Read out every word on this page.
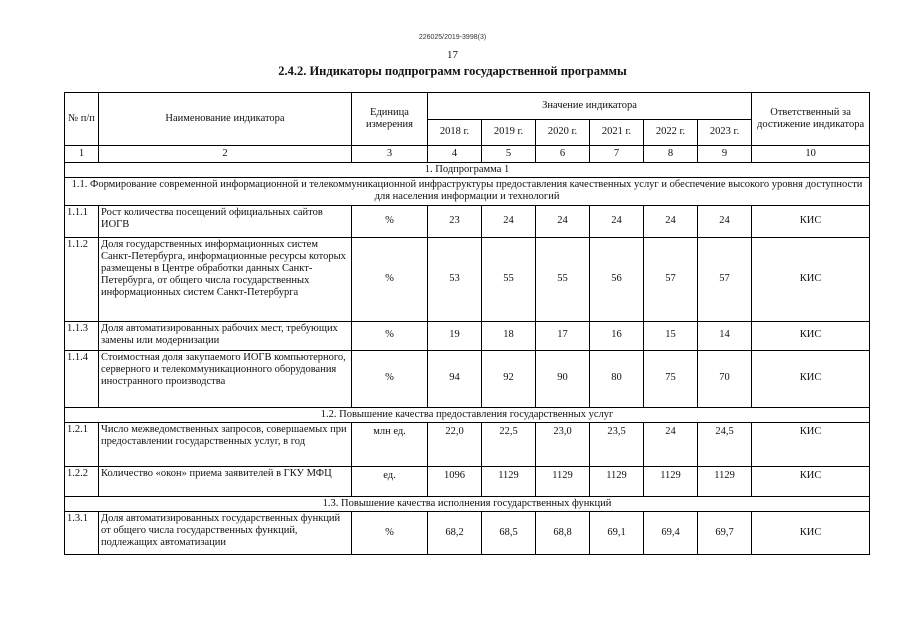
226025/2019-3998(3)
17
2.4.2. Индикаторы подпрограмм государственной программы
№ п/п	Наименование индикатора	Единица измерения	Значение индикатора						Ответственный за достижение индикатора
			2018 г.	2019 г.	2020 г.	2021 г.	2022 г.	2023 г.	
1	2	3	4	5	6	7	8	9	10
1. Подпрограмма 1									
1.1. Формирование современной информационной и телекоммуникационной инфраструктуры предоставления качественных услуг и обеспечение высокого уровня доступности для населения информации и технологий									
1.1.1	Рост количества посещений официальных сайтов ИОГВ	%	23	24	24	24	24	24	КИС
1.1.2	Доля государственных информационных систем Санкт-Петербурга, информационные ресурсы которых размещены в Центре обработки данных Санкт-Петербурга, от общего числа государственных информационных систем Санкт-Петербурга	%	53	55	55	56	57	57	КИС
1.1.3	Доля автоматизированных рабочих мест, требующих замены или модернизации	%	19	18	17	16	15	14	КИС
1.1.4	Стоимостная доля закупаемого ИОГВ компьютерного, серверного и телекоммуникационного оборудования иностранного производства	%	94	92	90	80	75	70	КИС
1.2. Повышение качества предоставления государственных услуг									
1.2.1	Число межведомственных запросов, совершаемых при предоставлении государственных услуг, в год	млн ед.	22,0	22,5	23,0	23,5	24	24,5	КИС
1.2.2	Количество «окон» приема заявителей в ГКУ МФЦ	ед.	1096	1129	1129	1129	1129	1129	КИС
1.3. Повышение качества исполнения государственных функций									
1.3.1	Доля автоматизированных государственных функций от общего числа государственных функций, подлежащих автоматизации	%	68,2	68,5	68,8	69,1	69,4	69,7	КИС
